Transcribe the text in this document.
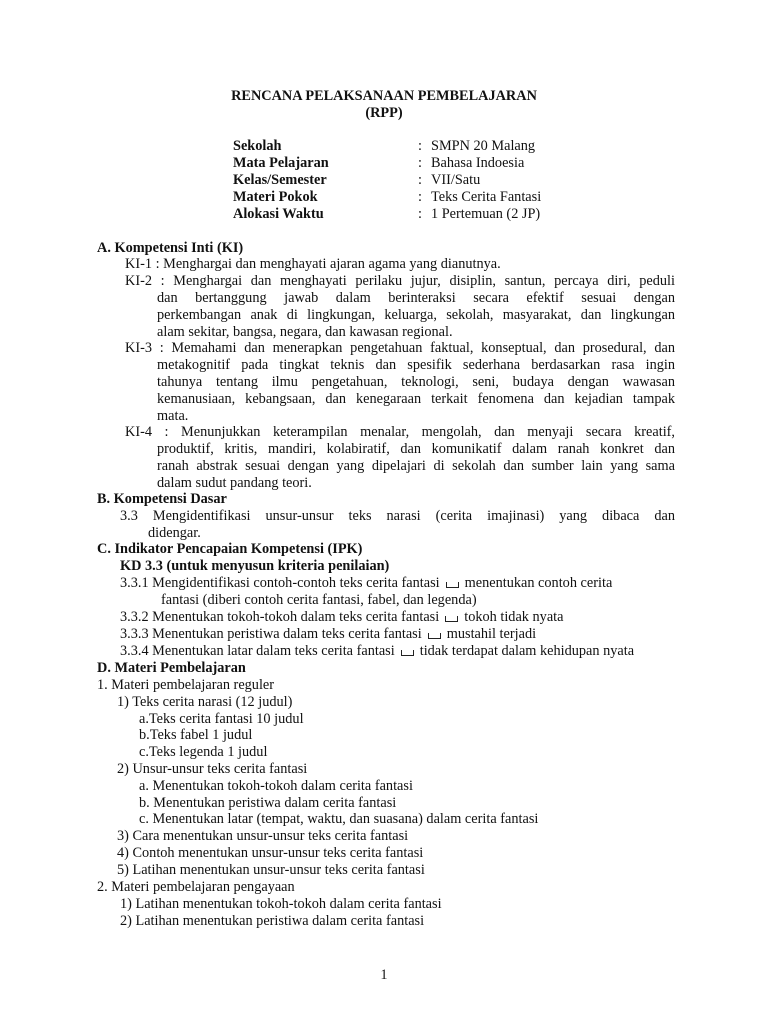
RENCANA PELAKSANAAN PEMBELAJARAN
(RPP)
Sekolah	: SMPN 20 Malang
Mata Pelajaran	: Bahasa Indoesia
Kelas/Semester	: VII/Satu
Materi Pokok	: Teks Cerita Fantasi
Alokasi Waktu	: 1 Pertemuan (2 JP)
A. Kompetensi Inti (KI)
KI-1 : Menghargai dan menghayati ajaran agama yang dianutnya.
KI-2 : Menghargai dan menghayati perilaku jujur, disiplin, santun, percaya diri, peduli
dan bertanggung jawab dalam berinteraksi secara efektif sesuai dengan
perkembangan anak di lingkungan, keluarga, sekolah, masyarakat, dan lingkungan
alam sekitar, bangsa, negara, dan kawasan regional.
KI-3 : Memahami dan menerapkan pengetahuan faktual, konseptual, dan prosedural, dan
metakognitif pada tingkat teknis dan spesifik sederhana berdasarkan rasa ingin
tahunya tentang ilmu pengetahuan, teknologi, seni, budaya dengan wawasan
kemanusiaan, kebangsaan, dan kenegaraan terkait fenomena dan kejadian tampak
mata.
KI-4 : Menunjukkan keterampilan menalar, mengolah, dan menyaji secara kreatif,
produktif, kritis, mandiri, kolabiratif, dan komunikatif dalam ranah konkret dan
ranah abstrak sesuai dengan yang dipelajari di sekolah dan sumber lain yang sama
dalam sudut pandang teori.
B. Kompetensi Dasar
3.3 Mengidentifikasi unsur-unsur teks narasi (cerita imajinasi) yang dibaca dan
didengar.
C. Indikator Pencapaian Kompetensi (IPK)
KD 3.3 (untuk menyusun kriteria penilaian)
3.3.1 Mengidentifikasi contoh-contoh teks cerita fantasi menentukan contoh cerita
fantasi (diberi contoh cerita fantasi, fabel, dan legenda)
3.3.2 Menentukan tokoh-tokoh dalam teks cerita fantasi tokoh tidak nyata
3.3.3 Menentukan peristiwa dalam teks cerita fantasi mustahil terjadi
3.3.4 Menentukan latar dalam teks cerita fantasi tidak terdapat dalam kehidupan nyata
D. Materi Pembelajaran
1. Materi pembelajaran reguler
1) Teks cerita narasi (12 judul)
a.Teks cerita fantasi 10 judul
b.Teks fabel 1 judul
c.Teks legenda 1 judul
2) Unsur-unsur teks cerita fantasi
a. Menentukan tokoh-tokoh dalam cerita fantasi
b. Menentukan peristiwa dalam cerita fantasi
c. Menentukan latar (tempat, waktu, dan suasana) dalam cerita fantasi
3) Cara menentukan unsur-unsur teks cerita fantasi
4) Contoh menentukan unsur-unsur teks cerita fantasi
5) Latihan menentukan unsur-unsur teks cerita fantasi
2. Materi pembelajaran pengayaan
1) Latihan menentukan tokoh-tokoh dalam cerita fantasi
2) Latihan menentukan peristiwa dalam cerita fantasi
1
